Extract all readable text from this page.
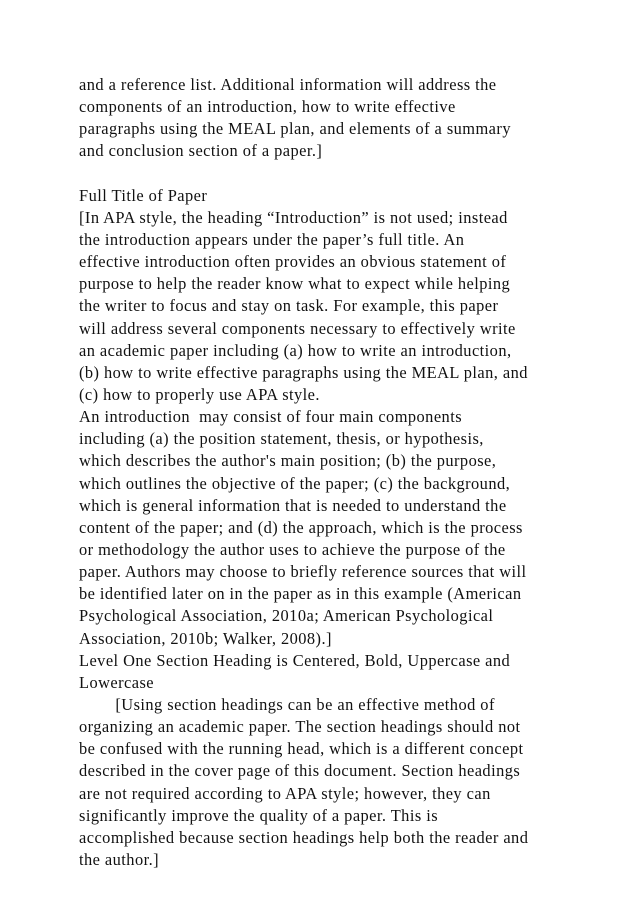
and a reference list. Additional information will address the
components of an introduction, how to write effective
paragraphs using the MEAL plan, and elements of a summary
and conclusion section of a paper.]
Full Title of Paper
[In APA style, the heading “Introduction” is not used; instead
the introduction appears under the paper’s full title. An
effective introduction often provides an obvious statement of
purpose to help the reader know what to expect while helping
the writer to focus and stay on task. For example, this paper
will address several components necessary to effectively write
an academic paper including (a) how to write an introduction,
(b) how to write effective paragraphs using the MEAL plan, and
(c) how to properly use APA style.
An introduction  may consist of four main components
including (a) the position statement, thesis, or hypothesis,
which describes the author's main position; (b) the purpose,
which outlines the objective of the paper; (c) the background,
which is general information that is needed to understand the
content of the paper; and (d) the approach, which is the process
or methodology the author uses to achieve the purpose of the
paper. Authors may choose to briefly reference sources that will
be identified later on in the paper as in this example (American
Psychological Association, 2010a; American Psychological
Association, 2010b; Walker, 2008).]
Level One Section Heading is Centered, Bold, Uppercase and
Lowercase
[Using section headings can be an effective method of
organizing an academic paper. The section headings should not
be confused with the running head, which is a different concept
described in the cover page of this document. Section headings
are not required according to APA style; however, they can
significantly improve the quality of a paper. This is
accomplished because section headings help both the reader and
the author.]
